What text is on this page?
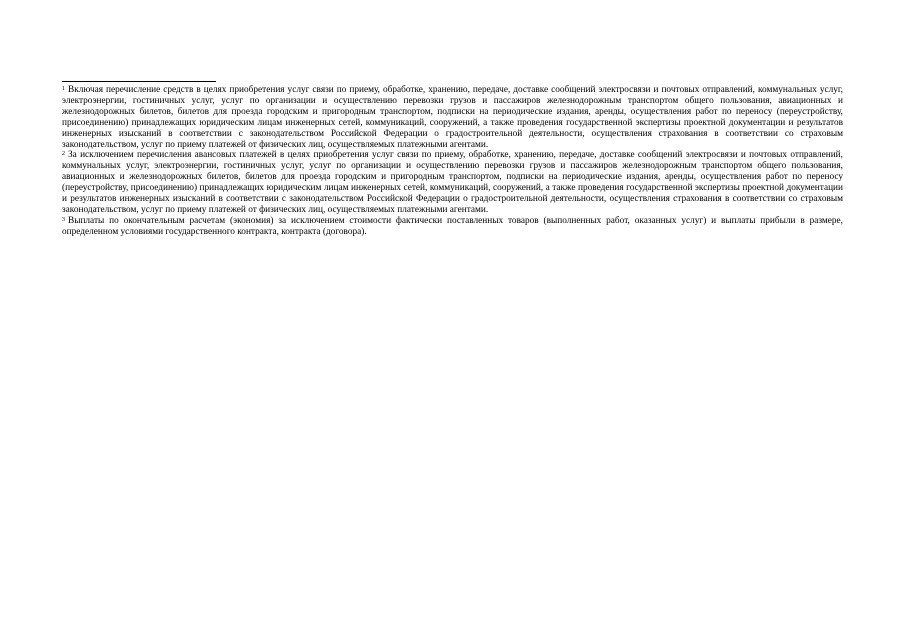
$^1$ Включая перечисление средств в целях приобретения услуг связи по приему, обработке, хранению, передаче, доставке сообщений электросвязи и почтовых отправлений, коммунальных услуг, электроэнергии, гостиничных услуг, услуг по организации и осуществлению перевозки грузов и пассажиров железнодорожным транспортом общего пользования, авиационных и железнодорожных билетов, билетов для проезда городским и пригородным транспортом, подписки на периодические издания, аренды, осуществления работ по переносу (переустройству, присоединению) принадлежащих юридическим лицам инженерных сетей, коммуникаций, сооружений, а также проведения государственной экспертизы проектной документации и результатов инженерных изысканий в соответствии с законодательством Российской Федерации о градостроительной деятельности, осуществления страхования в соответствии со страховым законодательством, услуг по приему платежей от физических лиц, осуществляемых платежными агентами.

$^2$ За исключением перечисления авансовых платежей в целях приобретения услуг связи по приему, обработке, хранению, передаче, доставке сообщений электросвязи и почтовых отправлений, коммунальных услуг, электроэнергии, гостиничных услуг, услуг по организации и осуществлению перевозки грузов и пассажиров железнодорожным транспортом общего пользования, авиационных и железнодорожных билетов, билетов для проезда городским и пригородным транспортом, подписки на периодические издания, аренды, осуществления работ по переносу (переустройству, присоединению) принадлежащих юридическим лицам инженерных сетей, коммуникаций, сооружений, а также проведения государственной экспертизы проектной документации и результатов инженерных изысканий в соответствии с законодательством Российской Федерации о градостроительной деятельности, осуществления страхования в соответствии со страховым законодательством, услуг по приему платежей от физических лиц, осуществляемых платежными агентами.

$^3$ Выплаты по окончательным расчетам (экономия) за исключением стоимости фактически поставленных товаров (выполненных работ, оказанных услуг) и выплаты прибыли в размере, определенном условиями государственного контракта, контракта (договора).
